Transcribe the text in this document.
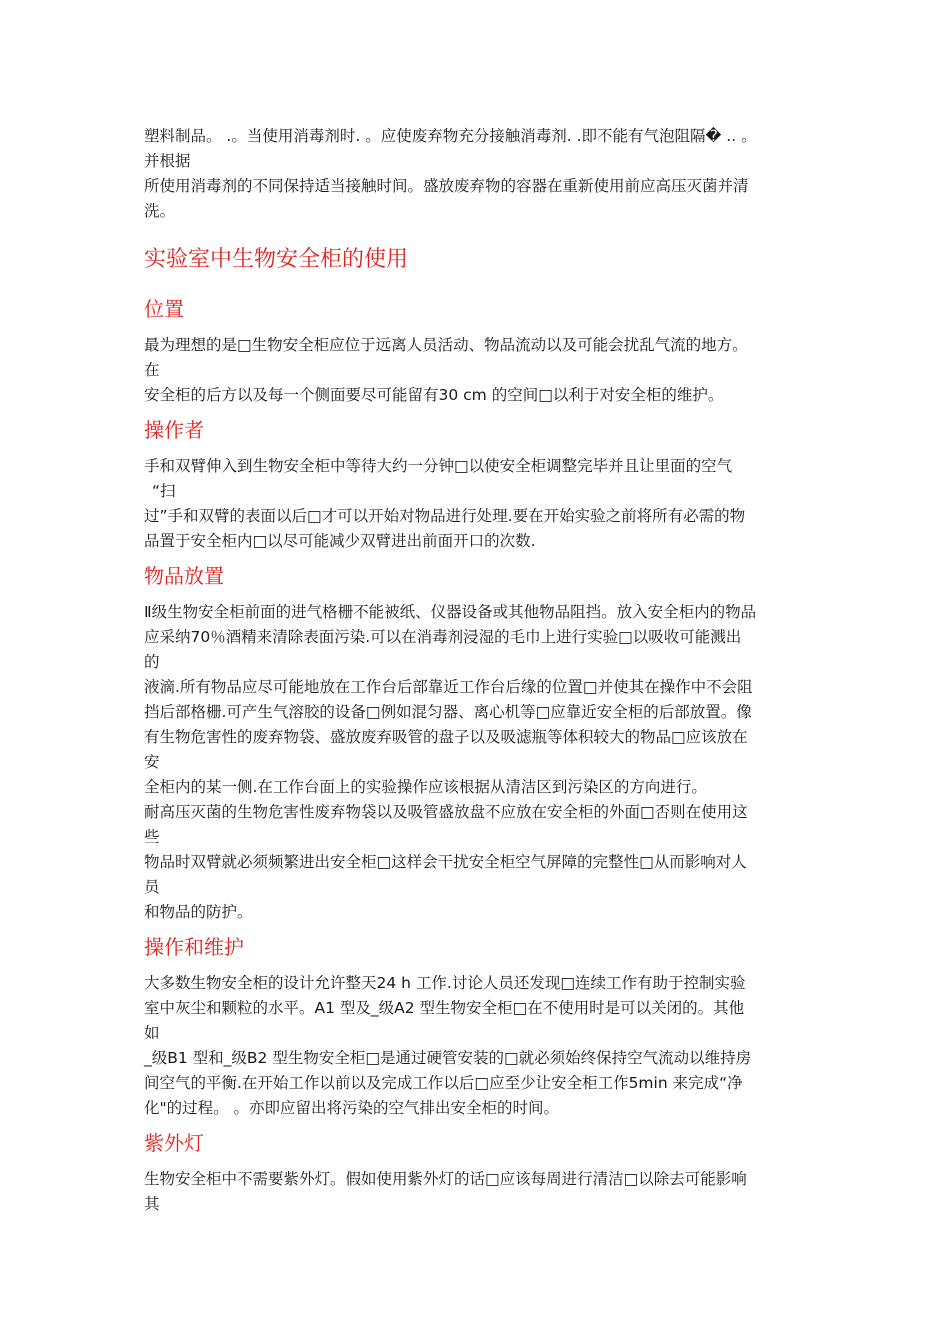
塑料制品。 .。当使用消毒剂时. 。应使废弃物充分接触消毒剂. .即不能有气泡阻隔� .. 。

并根据

所使用消毒剂的不同保持适当接触时间。盛放废弃物的容器在重新使用前应高压灭菌并清

洗。

实验室中生物安全柜的使用
位置

最为理想的是□生物安全柜应位于远离人员活动、物品流动以及可能会扰乱气流的地方。

在

安全柜的后方以及每一个侧面要尽可能留有30 cm 的空间□以利于对安全柜的维护。

操作者

手和双臂伸入到生物安全柜中等待大约一分钟□以使安全柜调整完毕并且让里面的空气

“扫

过”手和双臂的表面以后□才可以开始对物品进行处理.要在开始实验之前将所有必需的物

品置于安全柜内□以尽可能减少双臂进出前面开口的次数.

物品放置

Ⅱ级生物安全柜前面的进气格栅不能被纸、仪器设备或其他物品阻挡。放入安全柜内的物品

应采纳70％酒精来清除表面污染.可以在消毒剂浸湿的毛巾上进行实验□以吸收可能溅出

的

液滴.所有物品应尽可能地放在工作台后部靠近工作台后缘的位置□并使其在操作中不会阻

挡后部格栅.可产生气溶胶的设备□例如混匀器、离心机等□应靠近安全柜的后部放置。像

有生物危害性的废弃物袋、盛放废弃吸管的盘子以及吸滤瓶等体积较大的物品□应该放在

安

全柜内的某一侧.在工作台面上的实验操作应该根据从清洁区到污染区的方向进行。

耐高压灭菌的生物危害性废弃物袋以及吸管盛放盘不应放在安全柜的外面□否则在使用这

些

物品时双臂就必须频繁进出安全柜□这样会干扰安全柜空气屏障的完整性□从而影响对人

员

和物品的防护。

操作和维护

大多数生物安全柜的设计允许整天24 h 工作.讨论人员还发现□连续工作有助于控制实验

室中灰尘和颗粒的水平。A1 型及_级A2 型生物安全柜□在不使用时是可以关闭的。其他

如

_级B1 型和_级B2 型生物安全柜□是通过硬管安装的□就必须始终保持空气流动以维持房

间空气的平衡.在开始工作以前以及完成工作以后□应至少让安全柜工作5min 来完成“净

化"的过程。 。亦即应留出将污染的空气排出安全柜的时间。

紫外灯

生物安全柜中不需要紫外灯。假如使用紫外灯的话□应该每周进行清洁□以除去可能影响

其
